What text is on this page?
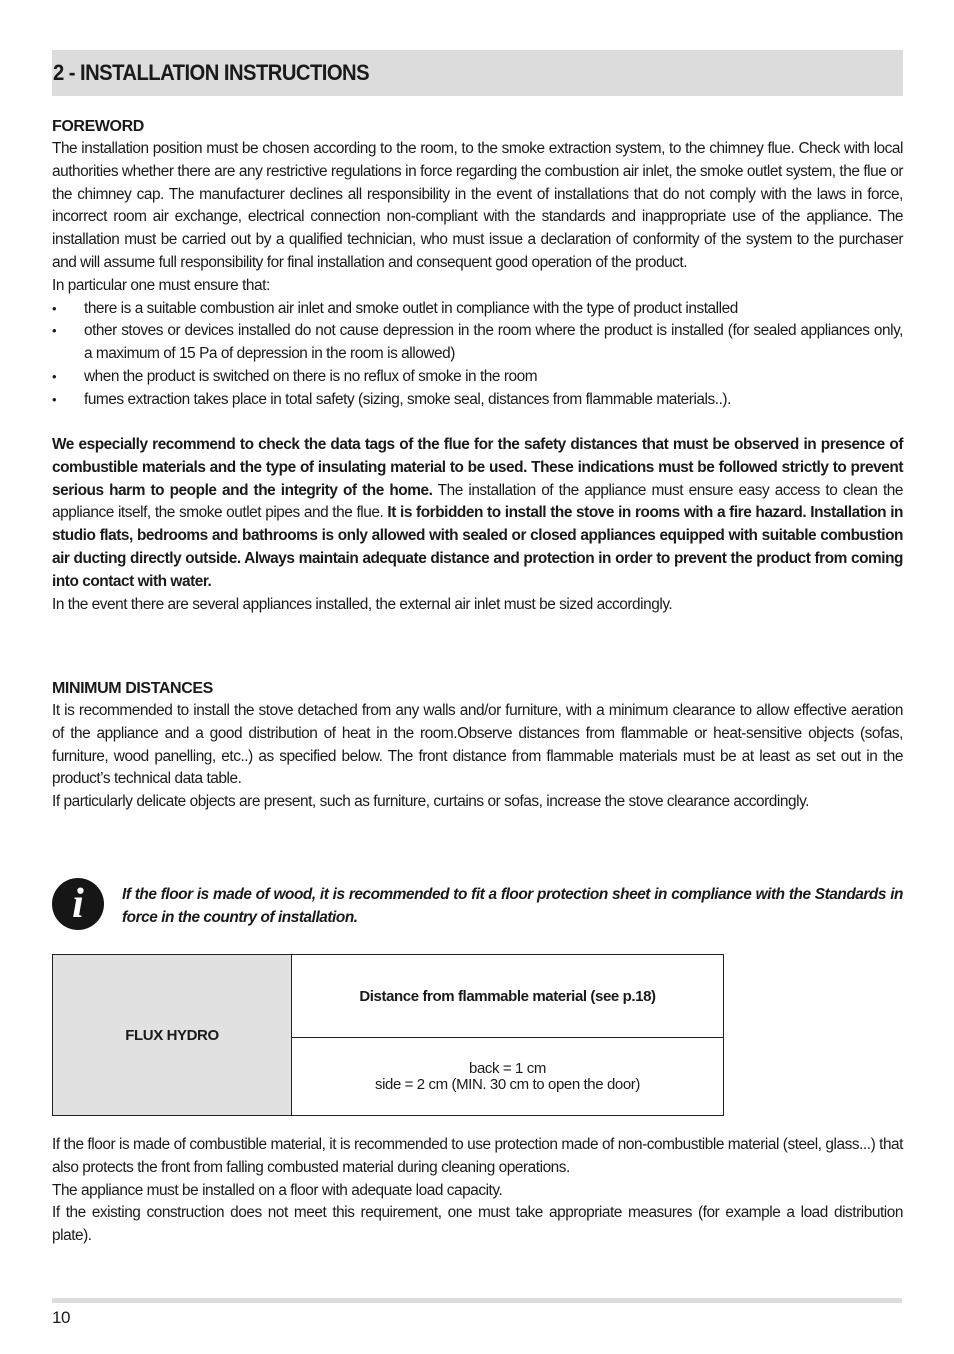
2 - INSTALLATION INSTRUCTIONS
FOREWORD

The installation position must be chosen according to the room, to the smoke extraction system, to the chimney flue. Check with local authorities whether there are any restrictive regulations in force regarding the combustion air inlet, the smoke outlet system, the flue or the chimney cap. The manufacturer declines all responsibility in the event of installations that do not comply with the laws in force, incorrect room air exchange, electrical connection non-compliant with the standards and inappropriate use of the appliance. The installation must be carried out by a qualified technician, who must issue a declaration of conformity of the system to the purchaser and will assume full responsibility for final installation and consequent good operation of the product.

In particular one must ensure that:

• there is a suitable combustion air inlet and smoke outlet in compliance with the type of product installed
• other stoves or devices installed do not cause depression in the room where the product is installed (for sealed appliances only, a maximum of 15 Pa of depression in the room is allowed)
• when the product is switched on there is no reflux of smoke in the room
• fumes extraction takes place in total safety (sizing, smoke seal, distances from flammable materials..).

We especially recommend to check the data tags of the flue for the safety distances that must be observed in presence of combustible materials and the type of insulating material to be used. These indications must be followed strictly to prevent serious harm to people and the integrity of the home. The installation of the appliance must ensure easy access to clean the appliance itself, the smoke outlet pipes and the flue. It is forbidden to install the stove in rooms with a fire hazard. Installation in studio flats, bedrooms and bathrooms is only allowed with sealed or closed appliances equipped with suitable combustion air ducting directly outside. Always maintain adequate distance and protection in order to prevent the product from coming into contact with water.

In the event there are several appliances installed, the external air inlet must be sized accordingly.

MINIMUM DISTANCES

It is recommended to install the stove detached from any walls and/or furniture, with a minimum clearance to allow effective aeration of the appliance and a good distribution of heat in the room.Observe distances from flammable or heat-sensitive objects (sofas, furniture, wood panelling, etc..) as specified below. The front distance from flammable materials must be at least as set out in the product’s technical data table.

If particularly delicate objects are present, such as furniture, curtains or sofas, increase the stove clearance accordingly.

i	If the floor is made of wood, it is recommended to fit a floor protection sheet in compliance with the Standards in force in the country of installation.
FLUX HYDRO	Distance from flammable material (see p.18)

back = 1 cm
side = 2 cm (MIN. 30 cm to open the door)

If the floor is made of combustible material, it is recommended to use protection made of non-combustible material (steel, glass...) that also protects the front from falling combusted material during cleaning operations.

The appliance must be installed on a floor with adequate load capacity.

If the existing construction does not meet this requirement, one must take appropriate measures (for example a load distribution plate).

10
